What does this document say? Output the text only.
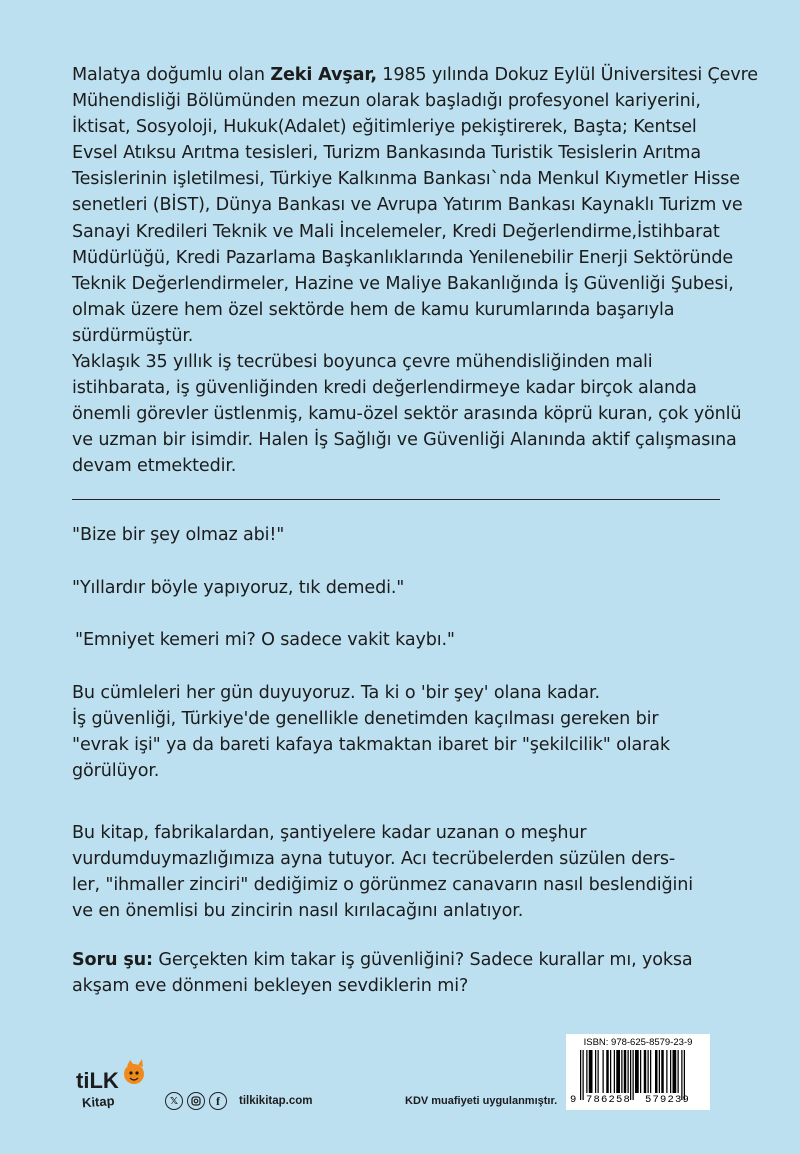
Malatya doğumlu olan Zeki Avşar, 1985 yılında Dokuz Eylül Üniversitesi Çevre
Mühendisliği Bölümünden mezun olarak başladığı profesyonel kariyerini,
İktisat, Sosyoloji, Hukuk(Adalet) eğitimleriye pekiştirerek, Başta; Kentsel
Evsel Atıksu Arıtma tesisleri, Turizm Bankasında Turistik Tesislerin Arıtma
Tesislerinin işletilmesi, Türkiye Kalkınma Bankası`nda Menkul Kıymetler Hisse
senetleri (BİST), Dünya Bankası ve Avrupa Yatırım Bankası Kaynaklı Turizm ve
Sanayi Kredileri Teknik ve Mali İncelemeler, Kredi Değerlendirme,İstihbarat
Müdürlüğü, Kredi Pazarlama Başkanlıklarında Yenilenebilir Enerji Sektöründe
Teknik Değerlendirmeler, Hazine ve Maliye Bakanlığında İş Güvenliği Şubesi,
olmak üzere hem özel sektörde hem de kamu kurumlarında başarıyla
sürdürmüştür.
Yaklaşık 35 yıllık iş tecrübesi boyunca çevre mühendisliğinden mali
istihbarata, iş güvenliğinden kredi değerlendirmeye kadar birçok alanda
önemli görevler üstlenmiş, kamu-özel sektör arasında köprü kuran, çok yönlü
ve uzman bir isimdir. Halen İş Sağlığı ve Güvenliği Alanında aktif çalışmasına
devam etmektedir.
"Bize bir şey olmaz abi!"
"Yıllardır böyle yapıyoruz, tık demedi."
"Emniyet kemeri mi? O sadece vakit kaybı."
Bu cümleleri her gün duyuyoruz. Ta ki o 'bir şey' olana kadar.
İş güvenliği, Türkiye'de genellikle denetimden kaçılması gereken bir
"evrak işi" ya da bareti kafaya takmaktan ibaret bir "şekilcilik" olarak
görülüyor.
Bu kitap, fabrikalardan, şantiyelere kadar uzanan o meşhur
vurdumduymazlığımıza ayna tutuyor. Acı tecrübelerden süzülen ders-
ler, "ihmaller zinciri" dediğimiz o görünmez canavarın nasıl beslendiğini
ve en önemlisi bu zincirin nasıl kırılacağını anlatıyor.
Soru şu: Gerçekten kim takar iş güvenliğini? Sadece kurallar mı, yoksa
akşam eve dönmeni bekleyen sevdiklerin mi?
tiLK
Kitap	𝕏	f	tilkikitap.com	KDV muafiyeti uygulanmıştır.
ISBN: 978-625-8579-23-9
9 786258 579239
